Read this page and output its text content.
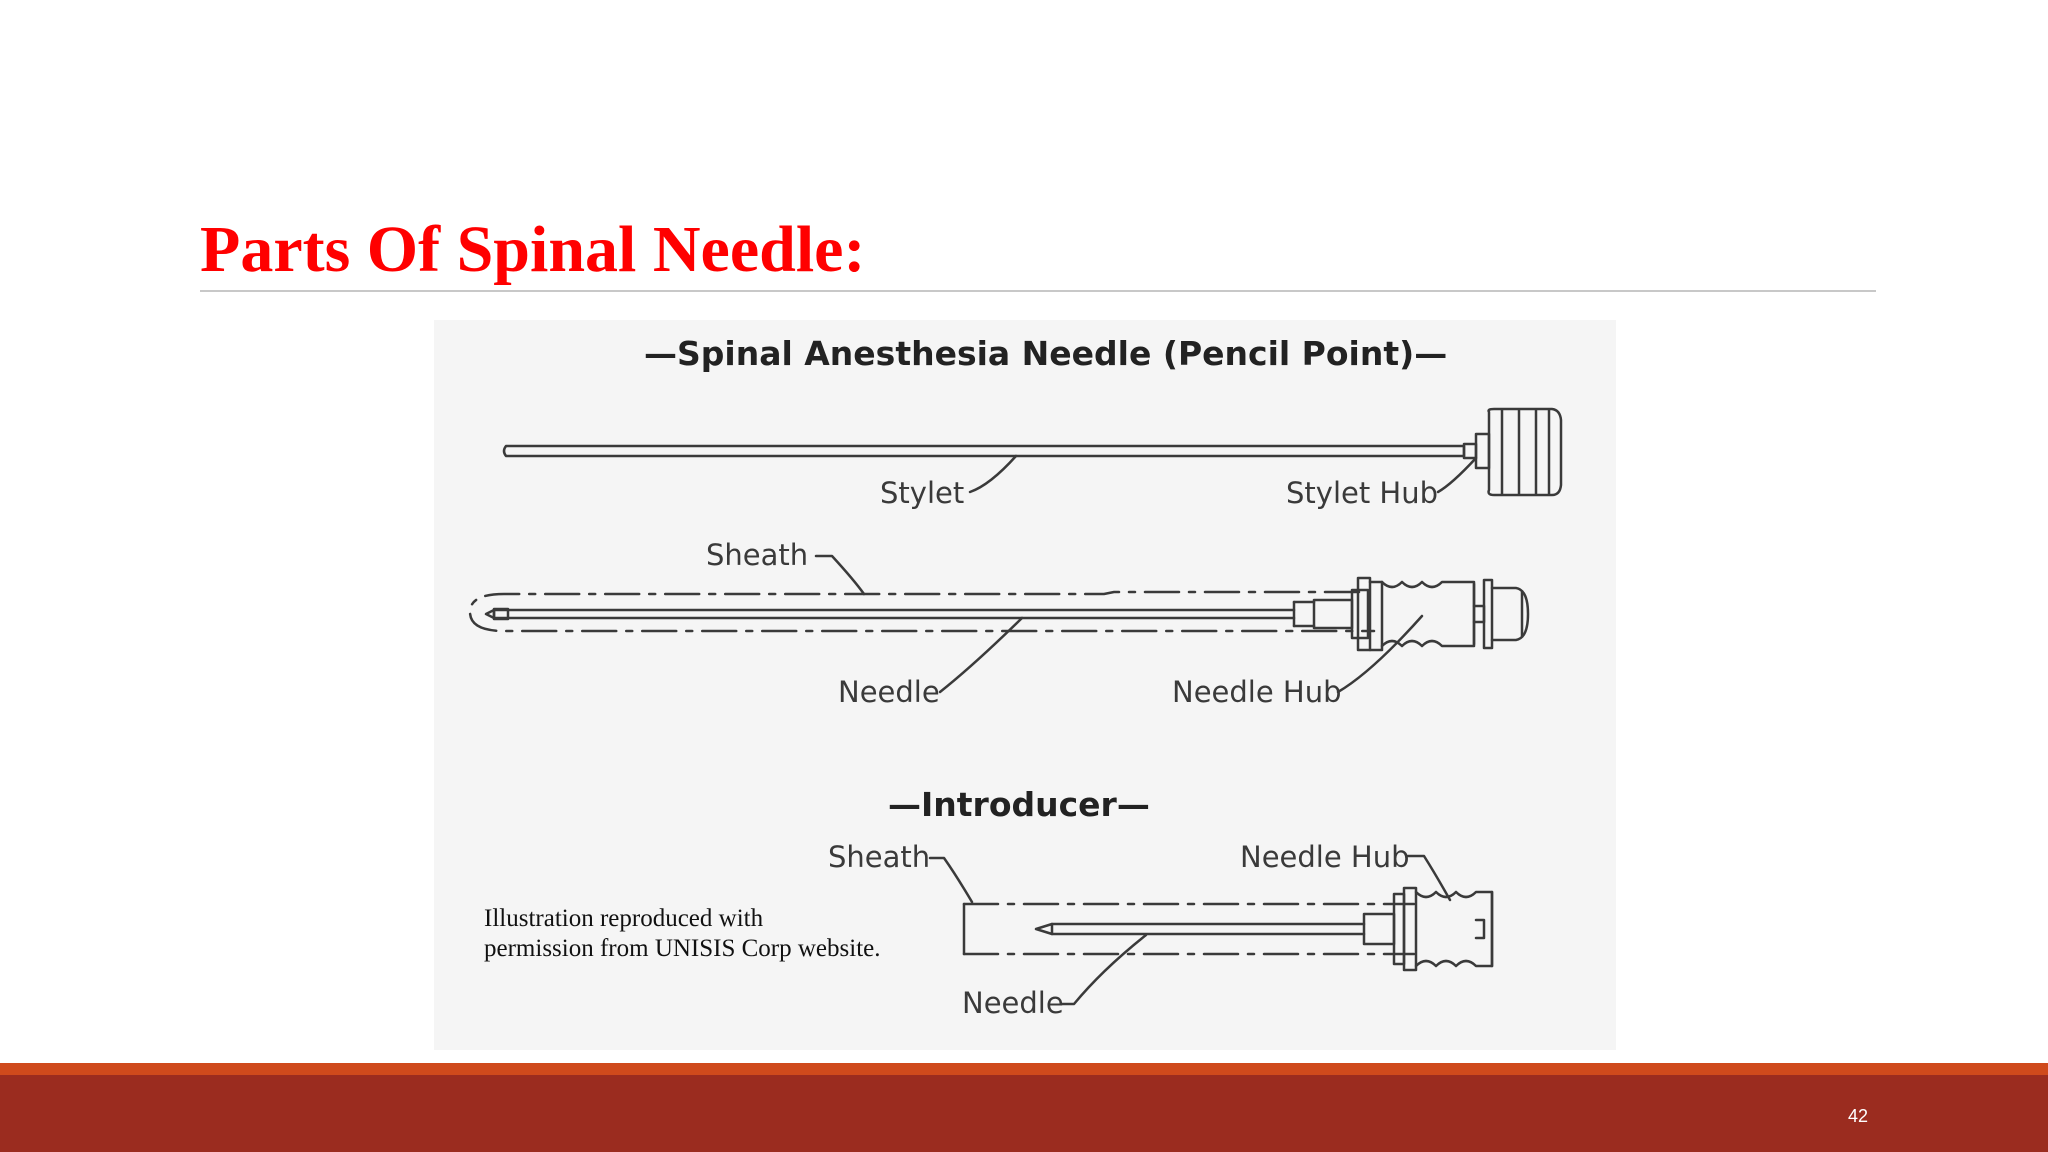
Parts Of Spinal Needle:
—Spinal Anesthesia Needle (Pencil Point)—
—Introducer—
Stylet	Stylet Hub
Sheath
Needle	Needle Hub
Sheath	Needle Hub
Needle
Illustration reproduced with
permission from UNISIS Corp website.
42
